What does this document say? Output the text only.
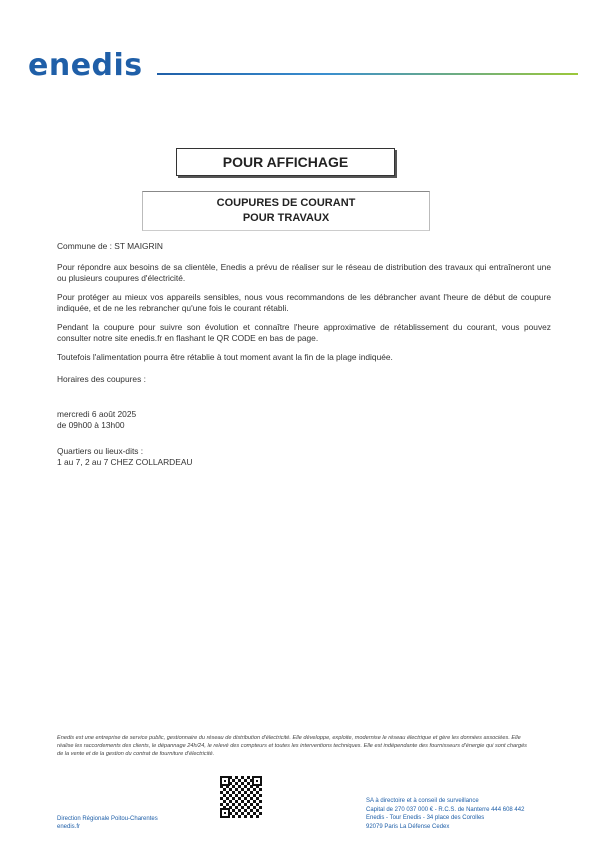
enedis
POUR AFFICHAGE
COUPURES DE COURANT
POUR TRAVAUX
Commune de : ST MAIGRIN
Pour répondre aux besoins de sa clientèle, Enedis a prévu de réaliser sur le réseau de distribution des travaux qui entraîneront une ou plusieurs coupures d'électricité.
Pour protéger au mieux vos appareils sensibles, nous vous recommandons de les débrancher avant l'heure de début de coupure indiquée, et de ne les rebrancher qu'une fois le courant rétabli.
Pendant la coupure pour suivre son évolution et connaître l'heure approximative de rétablissement du courant, vous pouvez consulter notre site enedis.fr en flashant le QR CODE en bas de page.
Toutefois l'alimentation pourra être rétablie à tout moment avant la fin de la plage indiquée.
Horaires des coupures :
mercredi 6 août 2025
de 09h00 à 13h00
Quartiers ou lieux-dits :
1 au 7, 2 au 7 CHEZ COLLARDEAU
Enedis est une entreprise de service public, gestionnaire du réseau de distribution d'électricité. Elle développe, exploite, modernise le réseau électrique et gère les données associées. Elle réalise les raccordements des clients, le dépannage 24h/24, le relevé des compteurs et toutes les interventions techniques. Elle est indépendante des fournisseurs d'énergie qui sont chargés de la vente et de la gestion du contrat de fourniture d'électricité.
Direction Régionale Poitou-Charentes
enedis.fr
SA à directoire et à conseil de surveillance
Capital de 270 037 000 € - R.C.S. de Nanterre 444 608 442
Enedis - Tour Enedis - 34 place des Corolles
92079 Paris La Défense Cedex
